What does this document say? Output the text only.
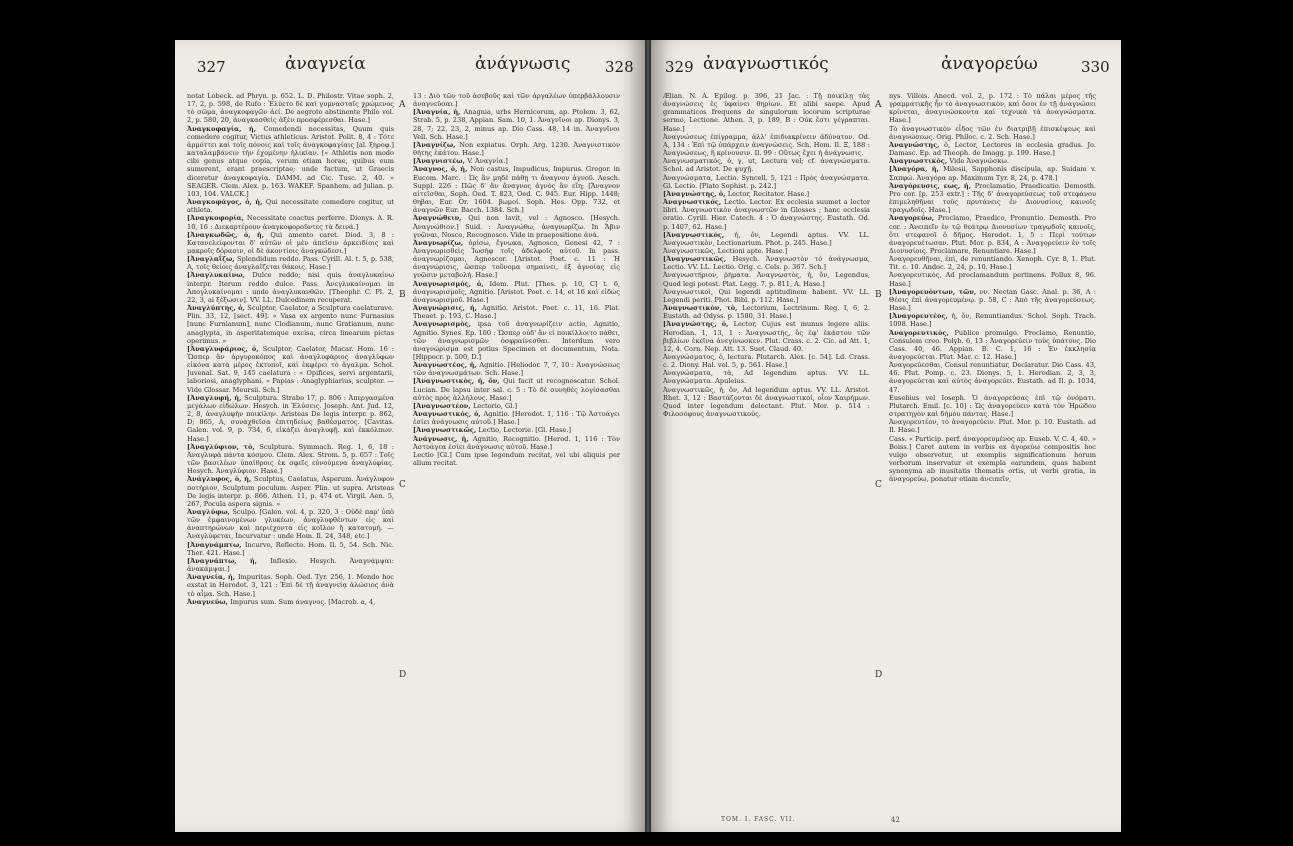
327	ἀναγνεία	ἀνάγνωσις 328
notat Lobeck. ad Phryn. p. 652. L. D. Philostr. Vitae soph. 2, 17, 2, p. 598, de Rufo : Ἐλύετο δὲ καὶ γυμνασταῖς χρώμενος τὸ σῶμα, ἀναγκοφαγῶν ἀεί. De aegroto abstinente Philo vol. 2, p. 580, 20, ἀναγκασθεὶς ἀξὲν προσφέρεσθαι. Hase.]
Ἀναγκοφαγία, ἡ, Comedendi necessitas, Quum quis comedere cogitur, Victus athleticus. Aristot. Polit. 8, 4 : Τότε ἁρμόττει καὶ τοῖς πόνοις καὶ τοῖς ἀναγκοφαγίαις [al. ξηροφ.] καταλαμβάνειν τὴν ἐχομένην ἡλικίαν. [« Athletis non modo cibi genus atque copia, verum etiam horae, quibus eum sumerent, erant praescriptae; unde factum, ut Graecis diceretur ἀναγκοφαγία. DAMM. ad Cic. Tusc. 2, 40. » SEAGER. Clem. Alex. p. 163. WAKEF. Spanhem. ad Julian. p. 103, 104. VALCK.]
Ἀναγκοφάγος, ὁ, ἡ, Qui necessitate comedere cogitur, ut athleta.
[Ἀναγκοφορία, Necessitate coactus perferre. Dionys. A. R. 10, 16 : Διεκαρτέρουν ἀναγκοφοροῦντες τὰ δεινά.]
[Ἀναγκωδῶς, ὁ, ἡ, Qui amento caret. Diod. 3, 8 : Κατανελείφονται δ' αὐτῶν οἱ μὲν ἀπεῖσιν ἀρκειδίοις καὶ μακροῖς δόρασιν, οἱ δὲ ἀκοντίοις ἀναγκώδεσι.]
[Ἀναγλαΐζω, Splendidum reddo. Pass. Cyrill. Al. t. 5, p. 538, A, τοῖς θείοις ἀναγλαΐζεται θάκοις. Hase.]
[Ἀναγλυκαίνω, Dulce reddo; nisi quis ἀναγλυκαίνω interpr. Iterum reddo dulce. Pass. Ἀνεγλυκαίνομαι in Ἀπογλυκαίνομαι : unde ἀναγλυκανθῶν. [Theophr. C. Pl. 2, 22, 3, ai ξέξωσιν]. VV. LL. Dulcedinem recuperat.
Ἀναγλύπτης, ὁ, Sculptor, Caelator, a Sculptura caelaturave. Plin. 33, 12, [sect. 49]. « Vasa ex argento nunc Furnasius [nunc Furnianum], nunc Clodianum, nunc Gratianum, nunc anaglypta, in asperitatemque excisa, circa linearum pictas operimus. »
[Ἀναγλυφάριος, ὁ, Sculptor, Caelator, Macar. Hom. 16 : Ὥσπερ ἂν ἀργυροκόπος καὶ ἀναγλυφάριος ἀναγλύφων εἰκόνα κατὰ μέρος ἐκτυποῖ, καὶ ἐκφέρει τὸ ἄγαλμα. Schol. Juvenal. Sat. 9, 145 caelatura : « Opifices, servi argentarii, laboriosi, anaglyphani. » Papias : Anaglyphiarius, sculptor. — Vide Glossar. Meursii. Sch.]
[Ἀναγλυφή, ἡ, Sculptura. Strabo 17, p. 806 : Ἀπεργασμένα μεγάλων εἰδώλων. Hesych. in Ἐλύσεις. Joseph. Ant. Jud. 12, 2, 8, ἀναγλυφὴν ποικίλην. Aristeas De legis interpr. p. 862, D; 865, A, συναχθεῖσα ἐπιτηδείως βαθέσματος. [Cavitas. Galen. vol. 9, p. 734, 6, εἰκάζει ἀναγλυφῇ. καὶ ἐκκόλπων. Hase.]
[Ἀναγλύφιον, τὸ, Sculptura. Symmach. Reg. 1, 6, 18 : Ἀναγλυφὰ πάντα κόσμου. Clem. Alex. Strom. 5, p. 657 : Τοῖς τῶν βασιλέων ὑπαίθροις ἐκ σφεῖς εὐνούμενα ἀναγλυφίας. Hesych. Ἀναγλύφιον. Hase.]
Ἀνάγλυφος, ὁ, ἡ, Sculptus, Caelatus, Asperum. Ἀνάγλυφον ποτήριον, Sculptum poculum. Asper. Plin. ut supra. Aristeas De legis interpr. p. 866. Athen. 11, p. 474 et. Virgil. Aen. 5, 267, Pocula aspera signis. »
Ἀναγλύφω, Sculpo. [Galen. vol. 4, p. 320, 3 : Οὐδὲ παρ' ὑπὸ τῶν ἐμφαινομένων γλυκέων, ἀναγλυφθέντων εἰς καὶ ἀναπτηρώνων καὶ περιέχοντα εἰς κοῖλον ἢ κατατομή. — Ἀναγλύφεται, Incurvatur : unde Hom. Il. 24, 348, etc.]
[Ἀναγνάμπτω, Incurvo, Reflecto. Hom. Il. 5, 54. Sch. Nic. Ther. 421. Hase.]
[Ἀναγνάπτω, ἡ, Inflexio. Hesych. Ἀναγνάμψαι: ἀνακάμψαι.]
Ἀναγνεία, ἡ, Impuritas. Soph. Oed. Tyr. 256, 1. Mendo hoc exstat in Herodot. 3, 121 : Ἐπὶ δὲ τῇ ἀναγνείᾳ ἀλώσιος ἀνὰ τὸ αἷμα. Sch. Hase.]
Ἀναγνεύω, Impurus sum. Sum άναγνος. [Macrob. a, 4,
13 : Διὸ τῶν τοῦ ἀσεβοῦς καὶ τῶν ἀργαλέων ὑπερβάλλουσιν ἀναγνεῦσαι.]
[Ἀναγνία, ἡ, Anagnia, urbs Hernicorum, ap. Ptolem. 3, 62, Strab. 5, p. 238, Appian. Sam. 10, 1. Ἀναγνῖνοι ap. Dionys. 3, 28, 7; 22, 23, 2, minus ap. Dio Cass. 48, 14 in. Ἀναγνῖνοι Vell. Sch. Hase.]
[Ἀναγνίζω, Non expiatus. Orph. Arg. 1230. Ἀναγνιστικὸν θήτης ἑκάτου. Hase.]
[Ἀναγνιστέω, V. Ἀναγνία.]
Ἄναγνος, ὁ, ἡ, Non castus, Impudicus, Impurus. Gregor. in Eucom. Marc. : Ὡς ἂν μηδὲ πάθῃ τι ἄναγνον ἀγνοῦ. Aesch. Suppl. 226 : Πῶς δ' ἂν ἄναγνος ἁγνὸς ἂν εἴη; [Ἄναγνον αἰτεῖσθαι, Soph. Oed. T. 823, Oed. C. 945. Eur. Hipp. 1448; θηβαι, Eur. Or. 1604. βωμοί. Soph. Hes. Opp. 732, et ἀναγνῶν Eur. Bacch. 1384. Sch.]
Ἀναγνώθειν, Qui non lavit, vel : Agnosco. [Hesych. Ἀναγνώθιον.] Suid. : Ἀναγνώθω, ἀναγνωρίζω. In Ἄβιν γνῶναι, Nosco, Recognosco. Vide in praepositione ἀνά.
Ἀναγνωρίζω, ὀρίσω, ἔγνωκα, Agnosco, Genesi 42, 7 : Ἀναγνωρισθεὶς Ἰωσὴφ τοῖς ἀδελφοῖς αὐτοῦ. In pass. ἀναγνωρίζομαι, Agnoscor. [Aristot. Poet. c. 11 : Ἡ ἀναγνώρισις, ὥσπερ τοὔνομα σημαίνει, ἐξ ἀγνοίας εἰς γνῶσιν μεταβολή. Hase.]
Ἀναγνωρισμός, ὁ, Idem. Plut. [Thes. p. 10, C] t. 6, ἀναγνωρισμοῖς, Agnitio. [Aristot. Poet. c. 14, et 16 καὶ εἰδὼς ἀναγνωρισμοῦ. Hase.]
Ἀναγνώρισις, ἡ, Agnitio. Aristot. Poet. c. 11, 16. Plat. Theaet. p. 193, C. Hase.]
Ἀναγνωρισμὸς, ipsa τοῦ ἀναγνωρίζειν actio, Agnitio, Agnitio. Synes. Ep. 100 : Ὥσπερ οὐδ' ἂν εἰ ποικίλλοιτο πάθει, τῶν ἀναγνωρισμῶν ὀσφραίνεσθαι. Interdum vero ἀναγνώρισμα est potius Specimen et documentum, Nota. [Hippocr. p. 500, D.]
Ἀναγνωστέος, ἡ, Agnitio. [Heliodor. 7, 7, 10 : Ἀναγνώσεως τῶν ἀναγνωσμάτων. Sch. Hase.]
[Ἀναγνωστικός, ἡ, ὄν, Qui facit ut recognoscatur. Schol. Lucian. De lapsu inter sal. c. 5 : Τὸ δὲ συνηθὲς λογίσασθαι αὐτὸς πρὸς ἀλλήλους. Hase.]
[Ἀναγνωστέον, Lectorio, Gl.]
Ἀναγνωστικός, ὁ, Agnitio. [Herodot. 1, 116 : Τῷ Ἀστυάγει ἐσίει ἀνάγνωσις αὐτοῦ.] Hase.]
[Ἀναγνωστικῶς, Lectio, Lectorie. [Gl. Hase.]
Ἀνάγνωσις, ἡ, Agnitio, Recognitio. [Herod. 1, 116 : Τὸν Ἀστυάγεα ἐσίει ἀνάγνωσις αὐτοῦ. Hase.]
Lectio [Gl.] Cum ipse legendum recitat, vel ubi aliquis per alium recitat.
A
B
C
D
329 ἀναγνωστικός	ἀναγορεύω	330
Ælian. N. A. Epilog. p. 396, 21 Jac. : Τῇ ποικίλῃ τὰς ἀναγνώσεις ἐς ὑφαίνει θηρίων. Et alibi saepe. Apud grammaticos frequens de singulorum locorum scripturae sermo, Lectione. Athen. 3, p. 189, B : Οὐκ ἔστι γέγραπται. Hase.]
Ἀναγνώσεως ἐπίγραμμα, ἀλλ' ἐπιδιακρίνειν ἀδύνατον. Od. A, 134 : Ἐπὶ τῷ ὑπάρχειν ἀναγνώσεις. Sch. Hom. Il. Ξ, 188 : Ἀναγνώσεως, ἢ κρίνουσιν. Il. 99 : Οὕτως ἔχει ἡ ἀνάγνωσις.
Ἀναγνωσματικός, ὁ, γ, ut, Lectura vel; cf. ἀναγνώσματα. Schol. ad Aristot. De ψυχῇ.
Ἀναγνώσματα, Lectio. Syncell. 5, 121 : Πρὸς ἀναγνώσματα. Gl. Lectio. [Plato Sophist. p. 242.]
[Ἀναγνώστης, ὁ, Lector, Recitator. Hase.]
Ἀναγνωστικός, Lectio. Lector. Ex ecclesia suumet a lector libri. Ἀναγνωστικὸν ἀναγνωστῶν in Glosses ; hanc ecclesia oratio. Cyrill. Hier. Catech. 4 : Ὁ ἀναγνώστης. Eustath. Od. p. 1407, 62. Hase.]
[Ἀναγνωστικός, ἡ, ὄν, Legendi aptus. VV. LL. Ἀναγνωστικὸν, Lectionarium. Phot. p. 245. Hase.]
Ἀναγνωστικῶς, Lectioni apte. Hase.]
[Ἀναγνωστικῶς, Hesych. Ἀναγνωστὸν τό ἀνάγνωσμα, Lectio. VV. LL. Lectio. Orig. c. Cels. p. 367. Sch.]
Ἀναγνωστήριον, ῥήματα. Ἀναγνωστὸς, ἡ, ὄν, Legendus, Quod legi potest. Plat. Legg. 7, p. 811, A. Hase.]
Ἀναγνωστικοὶ, Qui legendi aptitudinem habent. VV. LL. Legendi periti. Phot. Bibl. p. 112. Hase.]
Ἀναγνωστικὸν, τὸ, Lectorium, Lectrinum. Reg. I, 6, 2. Eustath. ad Odyss. p. 1580, 31. Hase.]
[Ἀναγνώστης, ὁ, Lector, Cujus est munus legere aliis. Herodian. 1, 13, 1 : Ἀναγνωστὴς, ὃς ἐφ' ἑκάστου τῶν βιβλίων ἐκεῖνα ἀνεγίνωσκεν. Plut. Crass. c. 2. Cic. ad Att. 1, 12, 4. Corn. Nep. Att. 13. Suet. Claud. 40.
Ἀναγνώσματος, ὁ, lectura. Plutarch. Alex. [c. 54]. Ld. Crass. c. 2. Diony. Hal. vol. 5, p. 561. Hase.]
Ἀναγνώσματα, τὰ, Ad legendum aptus. VV. LL. Ἀναγνώσματα. Apuleius.
Ἀναγνωστικῶς, ἡ, ὄν, Ad legendum aptus. VV. LL. Aristot. Rhet. 3, 12 : Βαστάζονται δὲ ἀναγνωστικοί, οἷον Χαιρήμων. Quod inter legendum delectant. Plut. Mor. p. 514 : Φιλοσόφους ἀναγνωστικούς.
nys. Villois. Anecd. vol. 2, p. 172 : Τὸ πάλαι μέρος τῆς γραμματικῆς ἦν τὸ ἀναγνωστικὸν, καὶ ὅσοι ἐν τῇ ἀναγνώσει κρίνεται, ἀναγινώσκοντα καὶ τεχνικὰ τὰ ἀναγνώσματα. Hase.]
Τὸ ἀναγνωστικὸν εἶδος τῶν ἐν διατριβῇ ἐπισκέψεως καὶ ἀναγνώσεως. Orig. Philoc. c. 2. Sch. Hase.]
Ἀναγνώστης, ὁ, Lector, Lectores in ecclesia gradus. Jo. Damasc. Ep. ad Theoph. de Imagg. p. 199. Hase.]
Ἀναγνωστικὸς, Vide Ἀναγνώσκω.
[Ἀναγόρα, ἡ, Milesii, Sapphonis discipula, ap. Suidam v. Σαπφώ. Ἀναγόρα ap. Maximum Tyr. 8, 24, p. 478.]
Ἀναγόρευσις, εως, ἡ, Proclamatio, Praedicatio. Demosth. Pro cor. [p. 253 extr.] : Τῆς δ' ἀναγορεύσεως τοῦ στεφάνου ἐπιμεληθῆναι τοὺς πρυτάνεις ἐν Διονυσίοις καινοῖς τραγῳδοῖς. Hase.]
Ἀναγορεύω, Proclamo, Praedico, Pronuntio. Demosth. Pro cor. : Ἀνειπεῖν ἐν τῷ θεάτρῳ Διονυσίων τραγῳδοῖς καινοῖς, ὅτι στεφανοῖ ὁ δῆμος. Herodot. 1, 5 : Περὶ τούτων ἀναγορευέτωσαν. Plut. Mor. p. 834, A : Ἀναγορεύειν ἐν τοῖς Διονυσίοις. Proclamare, Renuntiare. Hase.]
Ἀναγορευθῆναι, ἐπὶ, de renuntiando. Xenoph. Cyr. 8, 1. Plut. Tit. c. 10. Andoc. 2, 24, p. 10. Hase.]
Ἀναγορευτικὸς, Ad proclamandum pertinens. Pollux 8, 96. Hase.]
[Ἀναγορευόντων, τῶν, νν. Nectan Gasc. Anal. p. 36, A : Θέσις ἐπὶ ἀναγορευμένῳ. p. 58, C : Ἀπὸ τῆς ἀναγορεύσεως. Hase.]
[Ἀναγορευτέος, ἡ, ὄν, Renuntiandus. Schol. Soph. Trach. 1098. Hase.]
Ἀναγορευτικός, Publice promulgo. Proclamo, Renuntio, Consulem creo. Polyb. 6, 13 : Ἀναγορεύειν τοὺς ὑπάτους. Dio Cass. 40, 46. Appian. B. C. 1, 16 : Ἐν ἐκκλησίᾳ ἀναγορεύεται. Plut. Mar. c. 12. Hase.]
Ἀναγορεύεσθαι, Consul renuntiatur, Declaratur. Dio Cass. 43, 46. Plut. Pomp. c. 23. Dionys. 5, 1. Herodian. 2, 3, 3, ἀναγορεύεται καὶ αὐτὸς ἀναγορεύει. Eustath. ad Il. p. 1034, 47.
Eusebius vel Ioseph. Ὁ ἀναγορεύσας ἐπὶ τῷ ὀνόματι. Plutarch. Emil. [c. 10] : Ὡς ἀναγορεύειν κατὰ τὸν Ἡρώδου στρατηγὸν καὶ δήμου πάντας. Hase.]
Ἀναγορευτέον, τὸ ἀναγορεύειν. Plut. Mor. p. 10. Eustath. ad Il. Hase.]
Cass. « Particip. perf. ἀναγορευμένος ap. Euseb. V. C. 4, 40. » Boiss.] Caret autem in verbis ex ἀγορεύω compositis hoc vulgo observetur, ut exemplis significationum horum verborum inservatur et exempla earundem, quas habent synonyma ab inusitatis thematis ortis, ut verbi gratia, in ἀναγορεύω, ponatur etiam ἀνειπεῖν,
A
B
C
D
TOM. I. FASC. VII.	42
